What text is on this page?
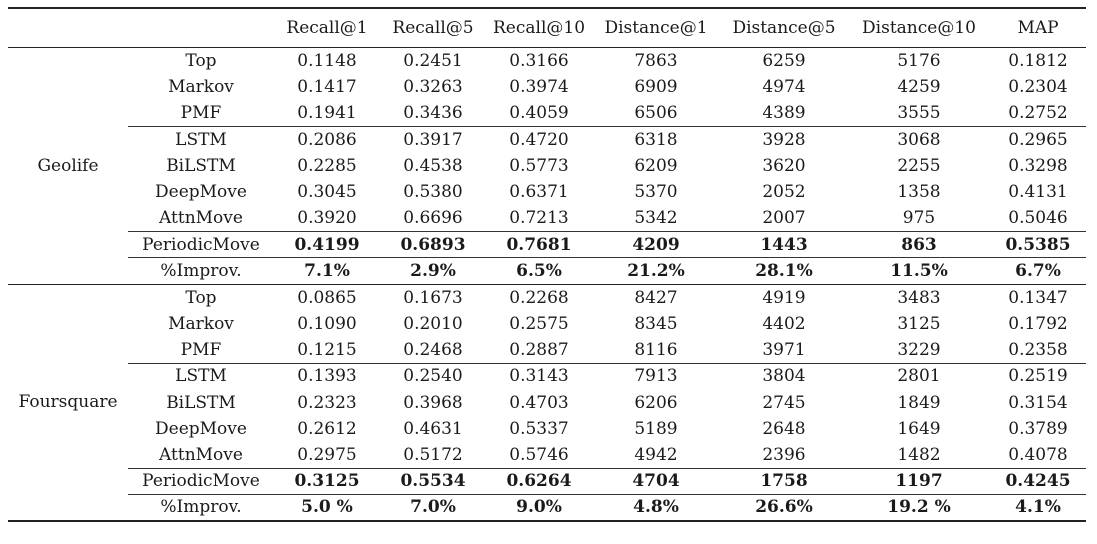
		Recall@1	Recall@5	Recall@10	Distance@1	Distance@5	Distance@10	MAP
Geolife	Top	0.1148	0.2451	0.3166	7863	6259	5176	0.1812
	Markov	0.1417	0.3263	0.3974	6909	4974	4259	0.2304
	PMF	0.1941	0.3436	0.4059	6506	4389	3555	0.2752
	LSTM	0.2086	0.3917	0.4720	6318	3928	3068	0.2965
	BiLSTM	0.2285	0.4538	0.5773	6209	3620	2255	0.3298
	DeepMove	0.3045	0.5380	0.6371	5370	2052	1358	0.4131
	AttnMove	0.3920	0.6696	0.7213	5342	2007	975	0.5046
	PeriodicMove	0.4199	0.6893	0.7681	4209	1443	863	0.5385
	%Improv.	7.1%	2.9%	6.5%	21.2%	28.1%	11.5%	6.7%
Foursquare	Top	0.0865	0.1673	0.2268	8427	4919	3483	0.1347
	Markov	0.1090	0.2010	0.2575	8345	4402	3125	0.1792
	PMF	0.1215	0.2468	0.2887	8116	3971	3229	0.2358
	LSTM	0.1393	0.2540	0.3143	7913	3804	2801	0.2519
	BiLSTM	0.2323	0.3968	0.4703	6206	2745	1849	0.3154
	DeepMove	0.2612	0.4631	0.5337	5189	2648	1649	0.3789
	AttnMove	0.2975	0.5172	0.5746	4942	2396	1482	0.4078
	PeriodicMove	0.3125	0.5534	0.6264	4704	1758	1197	0.4245
	%Improv.	5.0 %	7.0%	9.0%	4.8%	26.6%	19.2 %	4.1%
